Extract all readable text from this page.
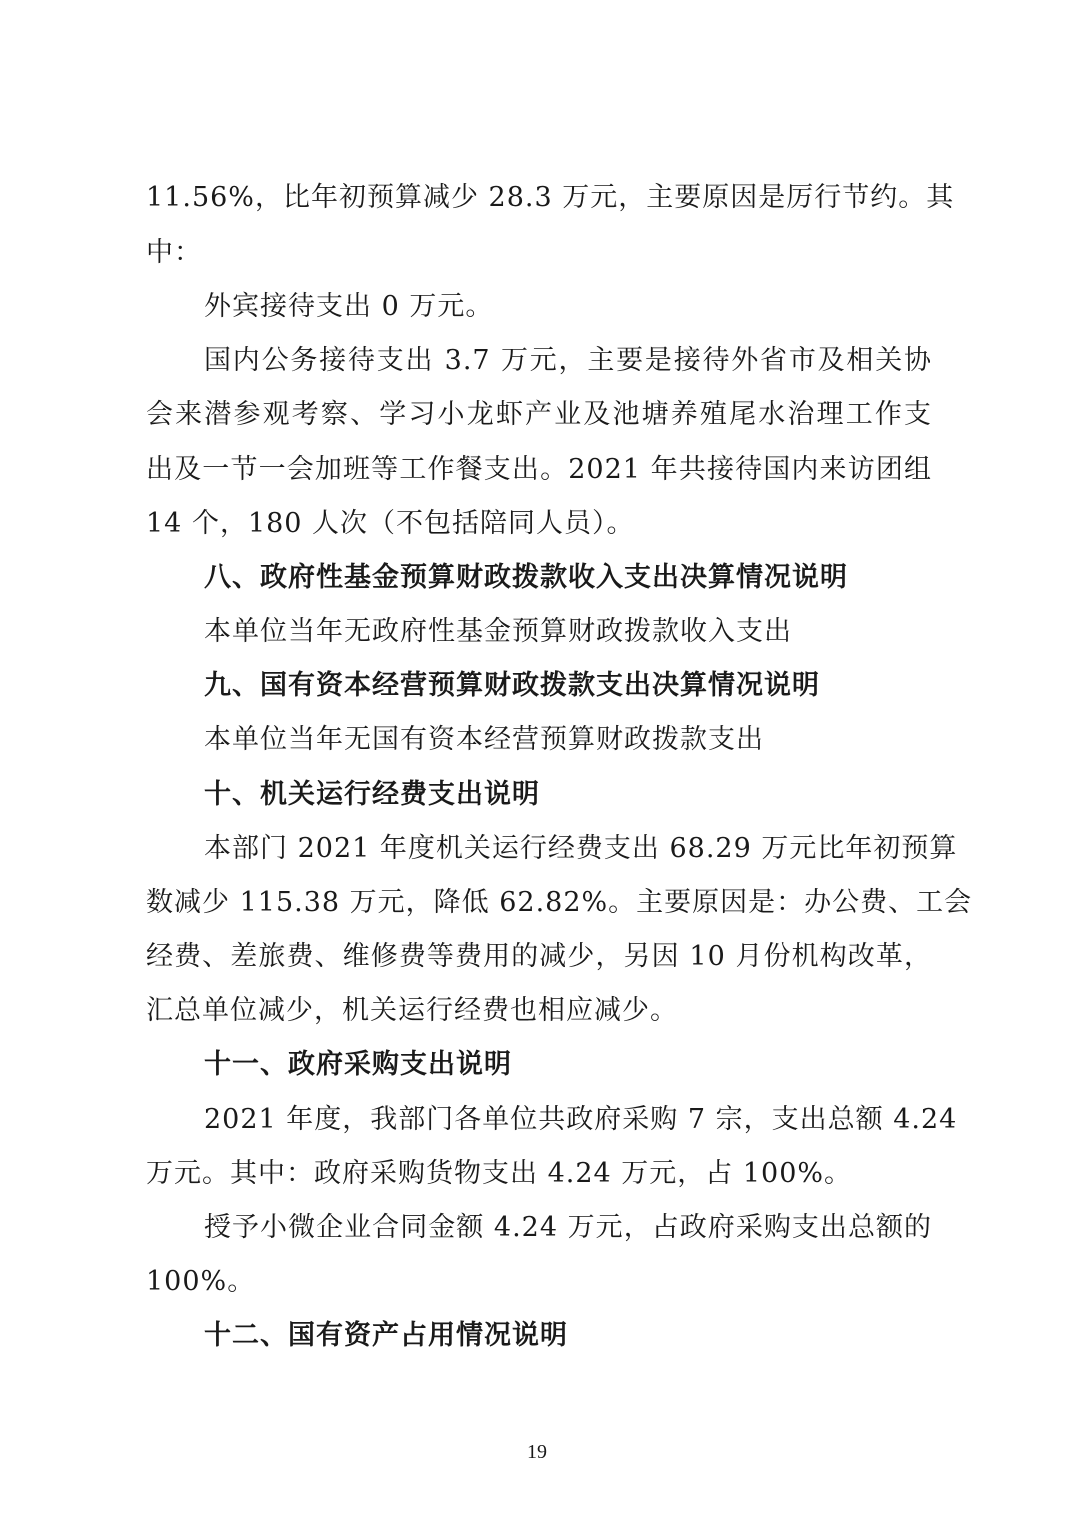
11.56%，比年初预算减少 28.3 万元，主要原因是厉行节约。其
中：
外宾接待支出 0 万元。
国内公务接待支出 3.7 万元，主要是接待外省市及相关协
会来潜参观考察、学习小龙虾产业及池塘养殖尾水治理工作支
出及一节一会加班等工作餐支出。2021 年共接待国内来访团组
14 个，180 人次（不包括陪同人员）。
八、政府性基金预算财政拨款收入支出决算情况说明
本单位当年无政府性基金预算财政拨款收入支出
九、国有资本经营预算财政拨款支出决算情况说明
本单位当年无国有资本经营预算财政拨款支出
十、机关运行经费支出说明
本部门 2021 年度机关运行经费支出 68.29 万元比年初预算
数减少 115.38 万元，降低 62.82%。主要原因是：办公费、工会
经费、差旅费、维修费等费用的减少，另因 10 月份机构改革，
汇总单位减少，机关运行经费也相应减少。
十一、政府采购支出说明
2021 年度，我部门各单位共政府采购 7 宗，支出总额 4.24
万元。其中：政府采购货物支出 4.24 万元，占 100%。
授予小微企业合同金额 4.24 万元，占政府采购支出总额的
100%。
十二、国有资产占用情况说明
19
